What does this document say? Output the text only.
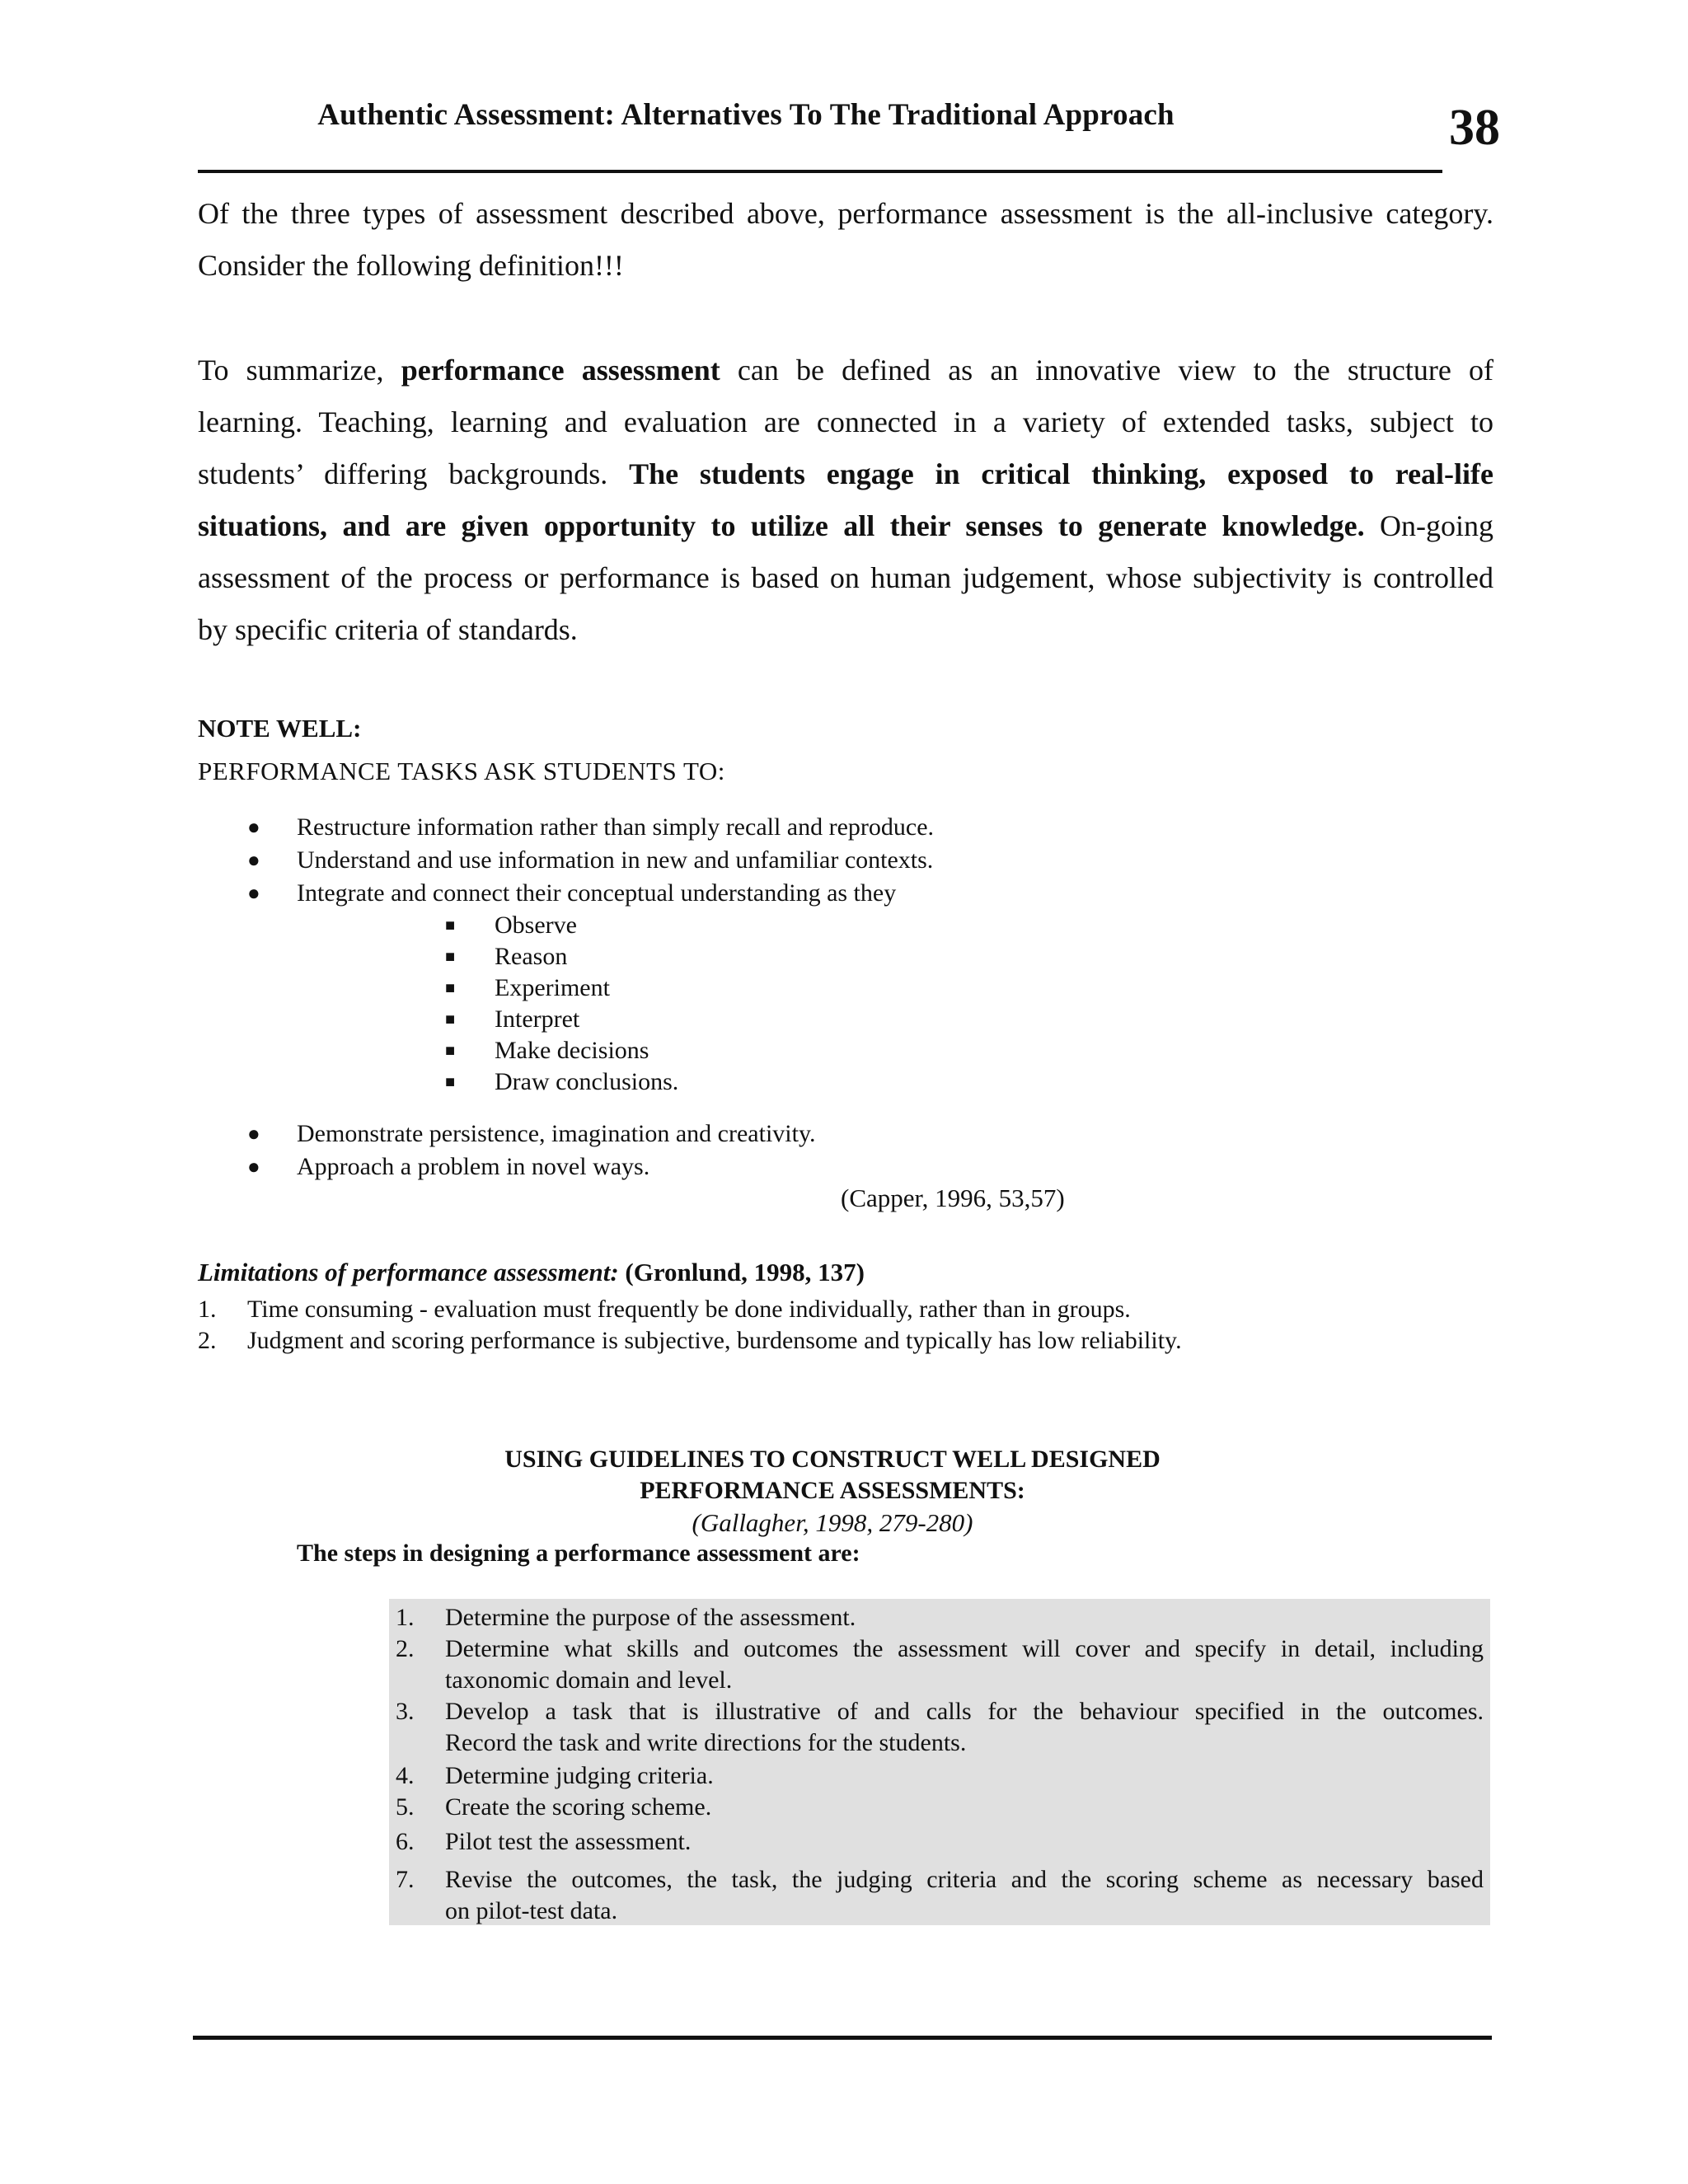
Authentic Assessment: Alternatives To The Traditional Approach	38
Of the three types of assessment described above, performance assessment is the all-inclusive category.
Consider the following definition!!!
To summarize, performance assessment can be defined as an innovative view to the structure of
learning. Teaching, learning and evaluation are connected in a variety of extended tasks, subject to
students’ differing backgrounds. The students engage in critical thinking, exposed to real-life
situations, and are given opportunity to utilize all their senses to generate knowledge. On-going
assessment of the process or performance is based on human judgement, whose subjectivity is controlled
by specific criteria of standards.
NOTE WELL:
PERFORMANCE TASKS ASK STUDENTS TO:
● Restructure information rather than simply recall and reproduce.
● Understand and use information in new and unfamiliar contexts.
● Integrate and connect their conceptual understanding as they
■ Observe
■ Reason
■ Experiment
■ Interpret
■ Make decisions
■ Draw conclusions.
● Demonstrate persistence, imagination and creativity.
● Approach a problem in novel ways.
(Capper, 1996, 53,57)
Limitations of performance assessment: (Gronlund, 1998, 137)
1. Time consuming - evaluation must frequently be done individually, rather than in groups.
2. Judgment and scoring performance is subjective, burdensome and typically has low reliability.
USING GUIDELINES TO CONSTRUCT WELL DESIGNED
PERFORMANCE ASSESSMENTS:
(Gallagher, 1998, 279-280)
The steps in designing a performance assessment are:
1. Determine the purpose of the assessment.
2. Determine what skills and outcomes the assessment will cover and specify in detail, including
taxonomic domain and level.
3. Develop a task that is illustrative of and calls for the behaviour specified in the outcomes.
Record the task and write directions for the students.
4. Determine judging criteria.
5. Create the scoring scheme.
6. Pilot test the assessment.
7. Revise the outcomes, the task, the judging criteria and the scoring scheme as necessary based
on pilot-test data.
